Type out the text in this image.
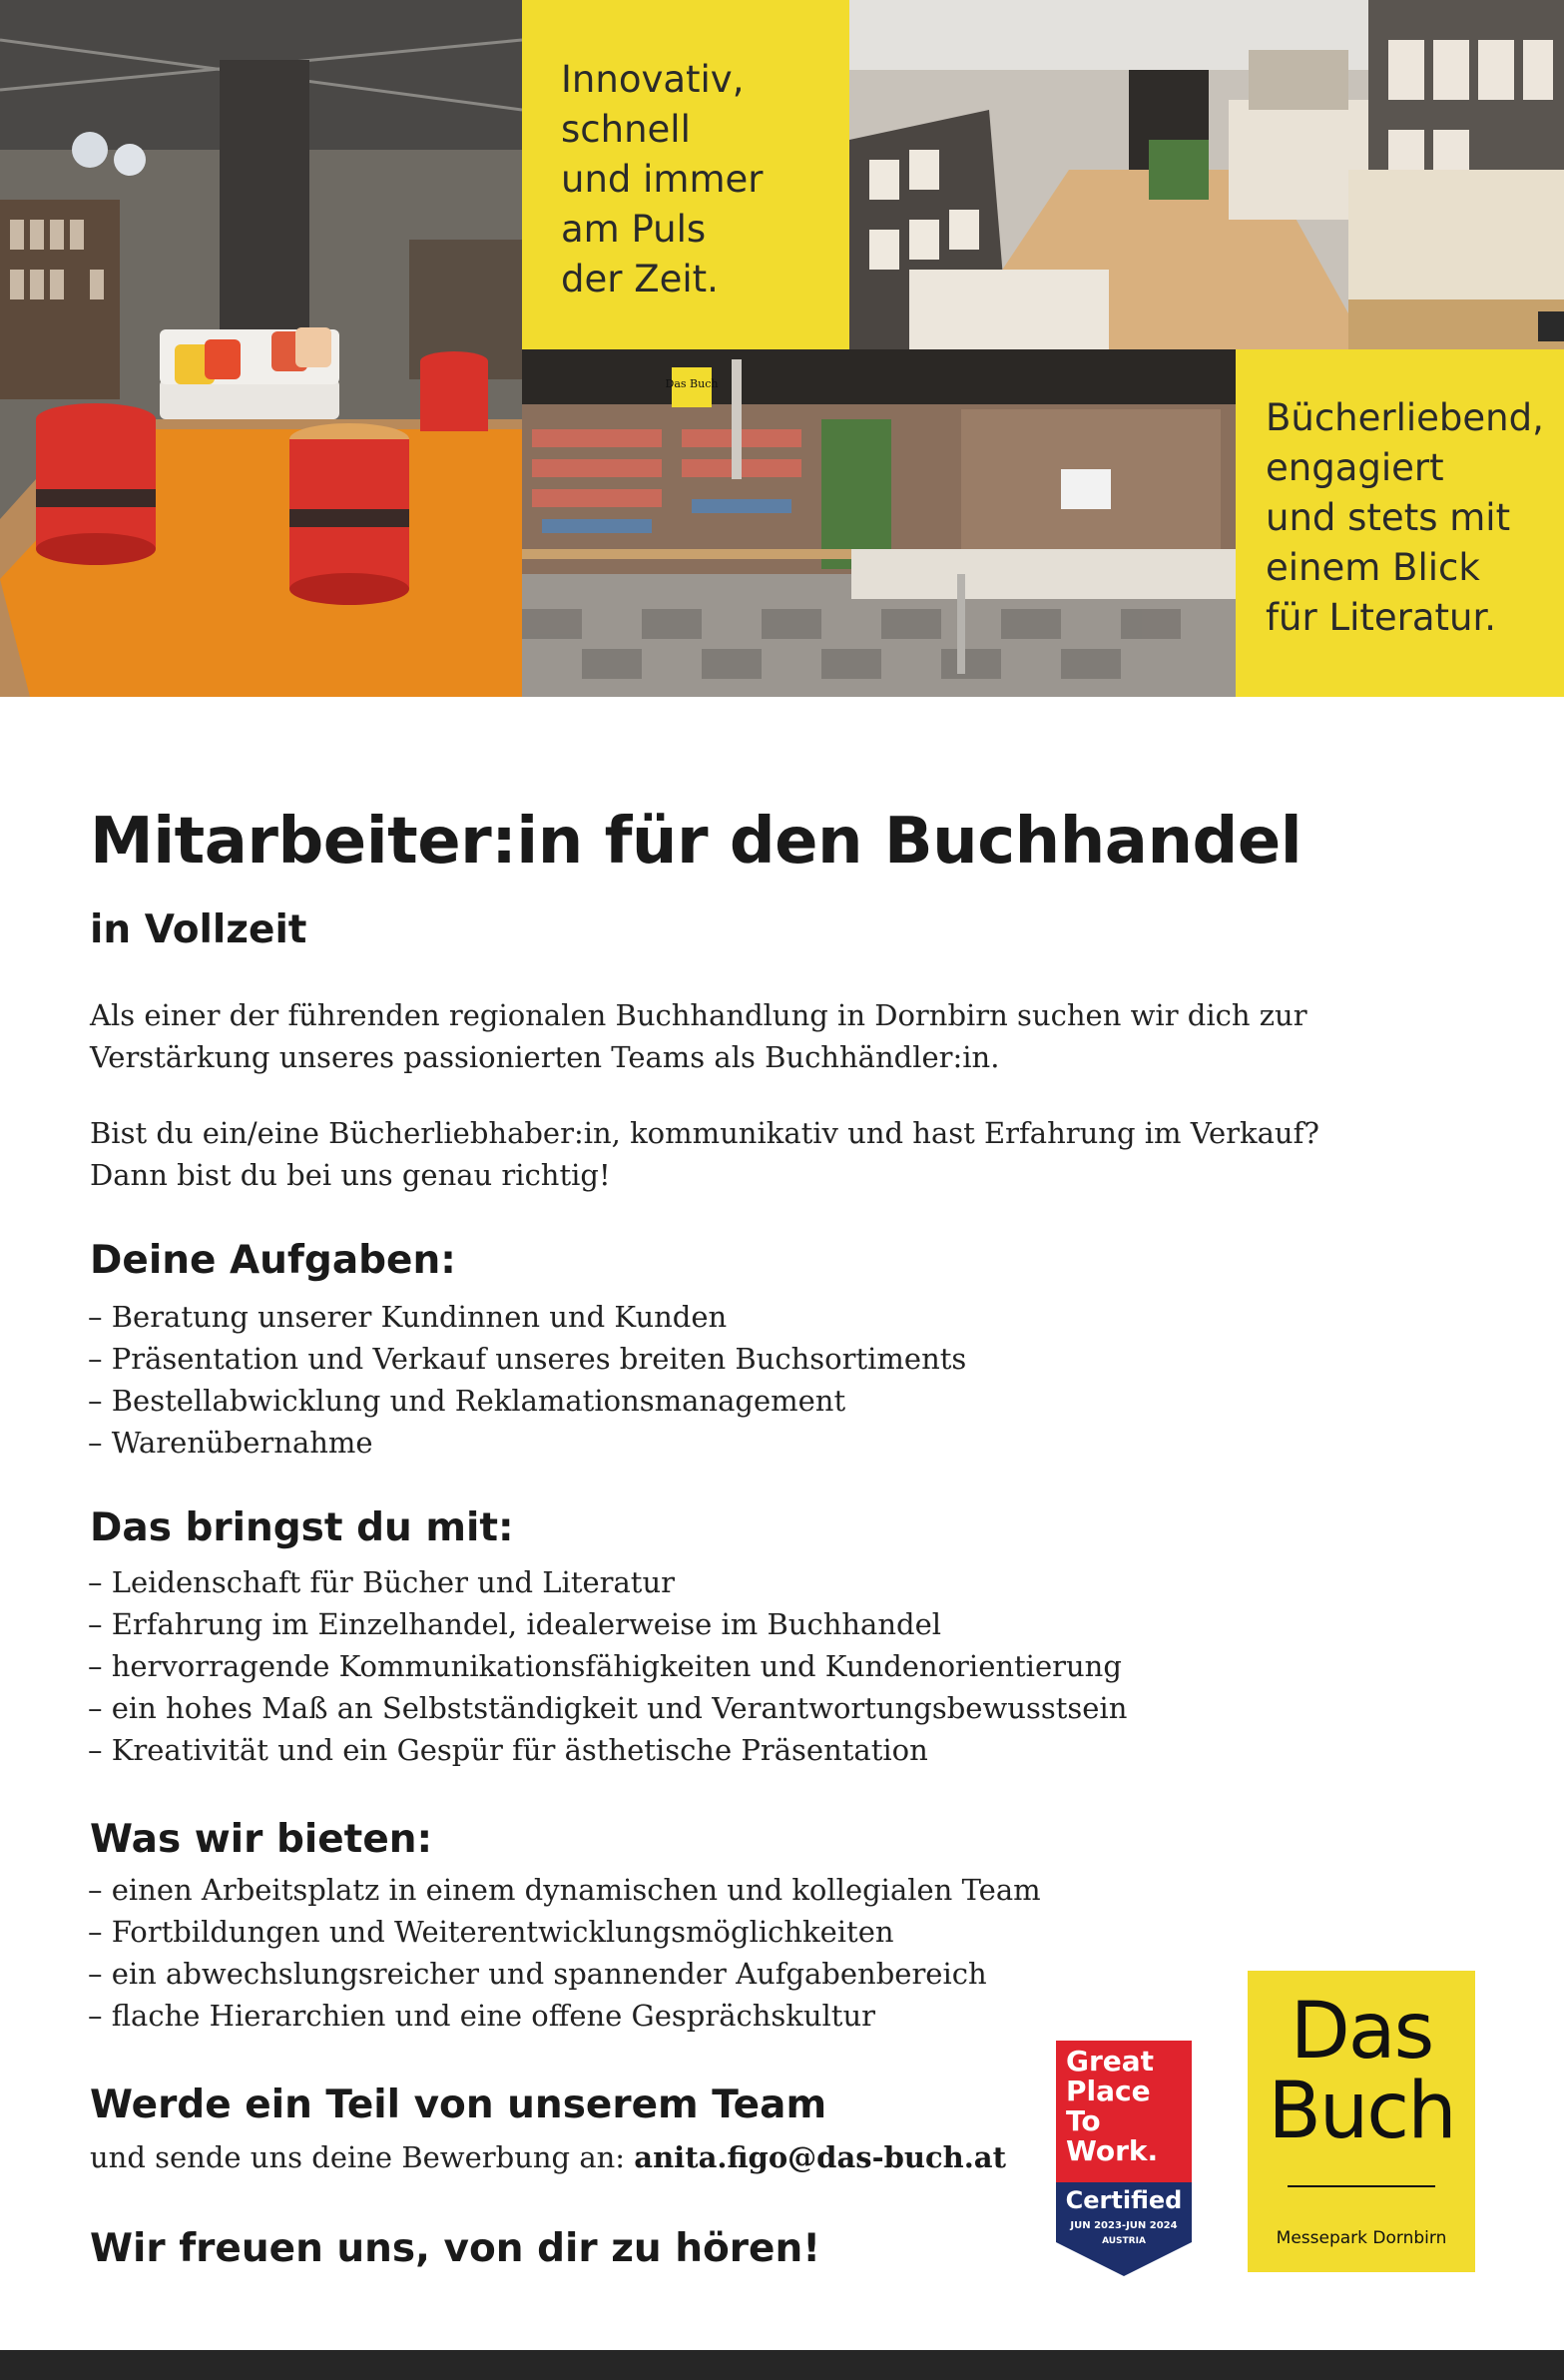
Innovativ,
schnell
und immer
am Puls
der Zeit.
Das Buch
Bücherliebend,
engagiert
und stets mit
einem Blick
für Literatur.
Mitarbeiter:in für den Buchhandel
in Vollzeit

Als einer der führenden regionalen Buchhandlung in Dornbirn suchen wir dich zur Verstärkung unseres passionierten Teams als Buchhändler:in.

Bist du ein/eine Bücherliebhaber:in, kommunikativ und hast Erfahrung im Verkauf?
Dann bist du bei uns genau richtig!
Deine Aufgaben:
– Beratung unserer Kundinnen und Kunden
– Präsentation und Verkauf unseres breiten Buchsortiments
– Bestellabwicklung und Reklamationsmanagement
– Warenübernahme
Das bringst du mit:
– Leidenschaft für Bücher und Literatur
– Erfahrung im Einzelhandel, idealerweise im Buchhandel
– hervorragende Kommunikationsfähigkeiten und Kundenorientierung
– ein hohes Maß an Selbstständigkeit und Verantwortungsbewusstsein
– Kreativität und ein Gespür für ästhetische Präsentation
Was wir bieten:
– einen Arbeitsplatz in einem dynamischen und kollegialen Team
– Fortbildungen und Weiterentwicklungsmöglichkeiten
– ein abwechslungsreicher und spannender Aufgabenbereich
– flache Hierarchien und eine offene Gesprächskultur
Werde ein Teil von unserem Team

und sende uns deine Bewerbung an: anita.figo@das-buch.at

Wir freuen uns, von dir zu hören!
Great
Place
To
Work.
Certified
JUN 2023-JUN 2024
AUSTRIA
Das
Buch
Messepark Dornbirn
